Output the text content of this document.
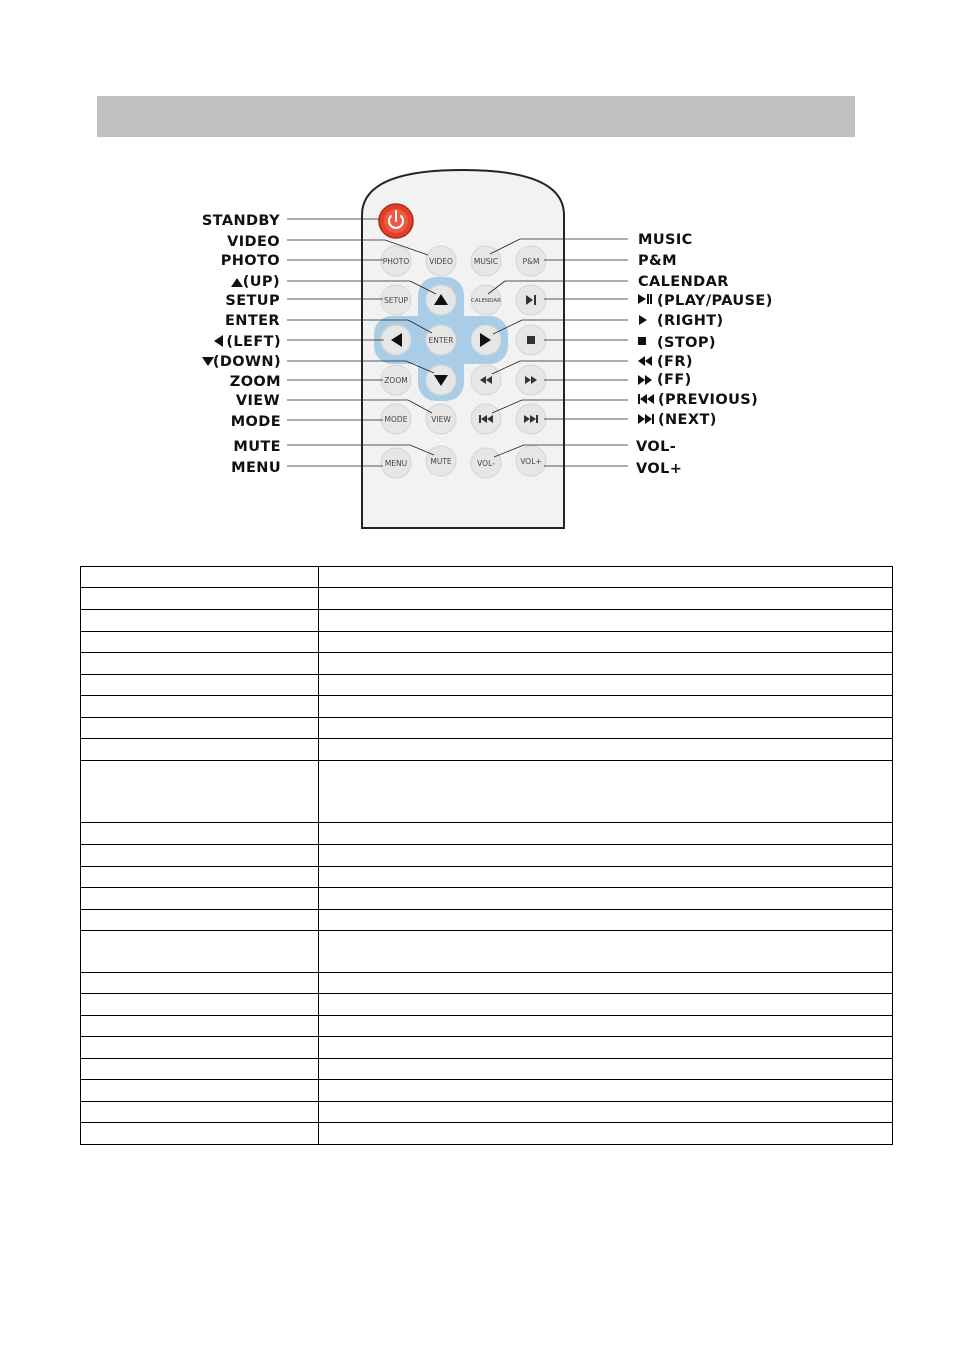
PHOTO	VIDEO	MUSIC	P&M
SETUP	CALENDAR
ENTER
ZOOM
MODE	VIEW
MENU	MUTE	VOL-	VOL+
STANDBY
VIDEO
PHOTO
(UP)
SETUP
ENTER
(LEFT)
(DOWN)
ZOOM
VIEW
MODE
MUTE
MENU
MUSIC
P&M
CALENDAR
(PLAY/PAUSE)
(RIGHT)
(STOP)
(FR)
(FF)
(PREVIOUS)
(NEXT)
VOL-
VOL+
